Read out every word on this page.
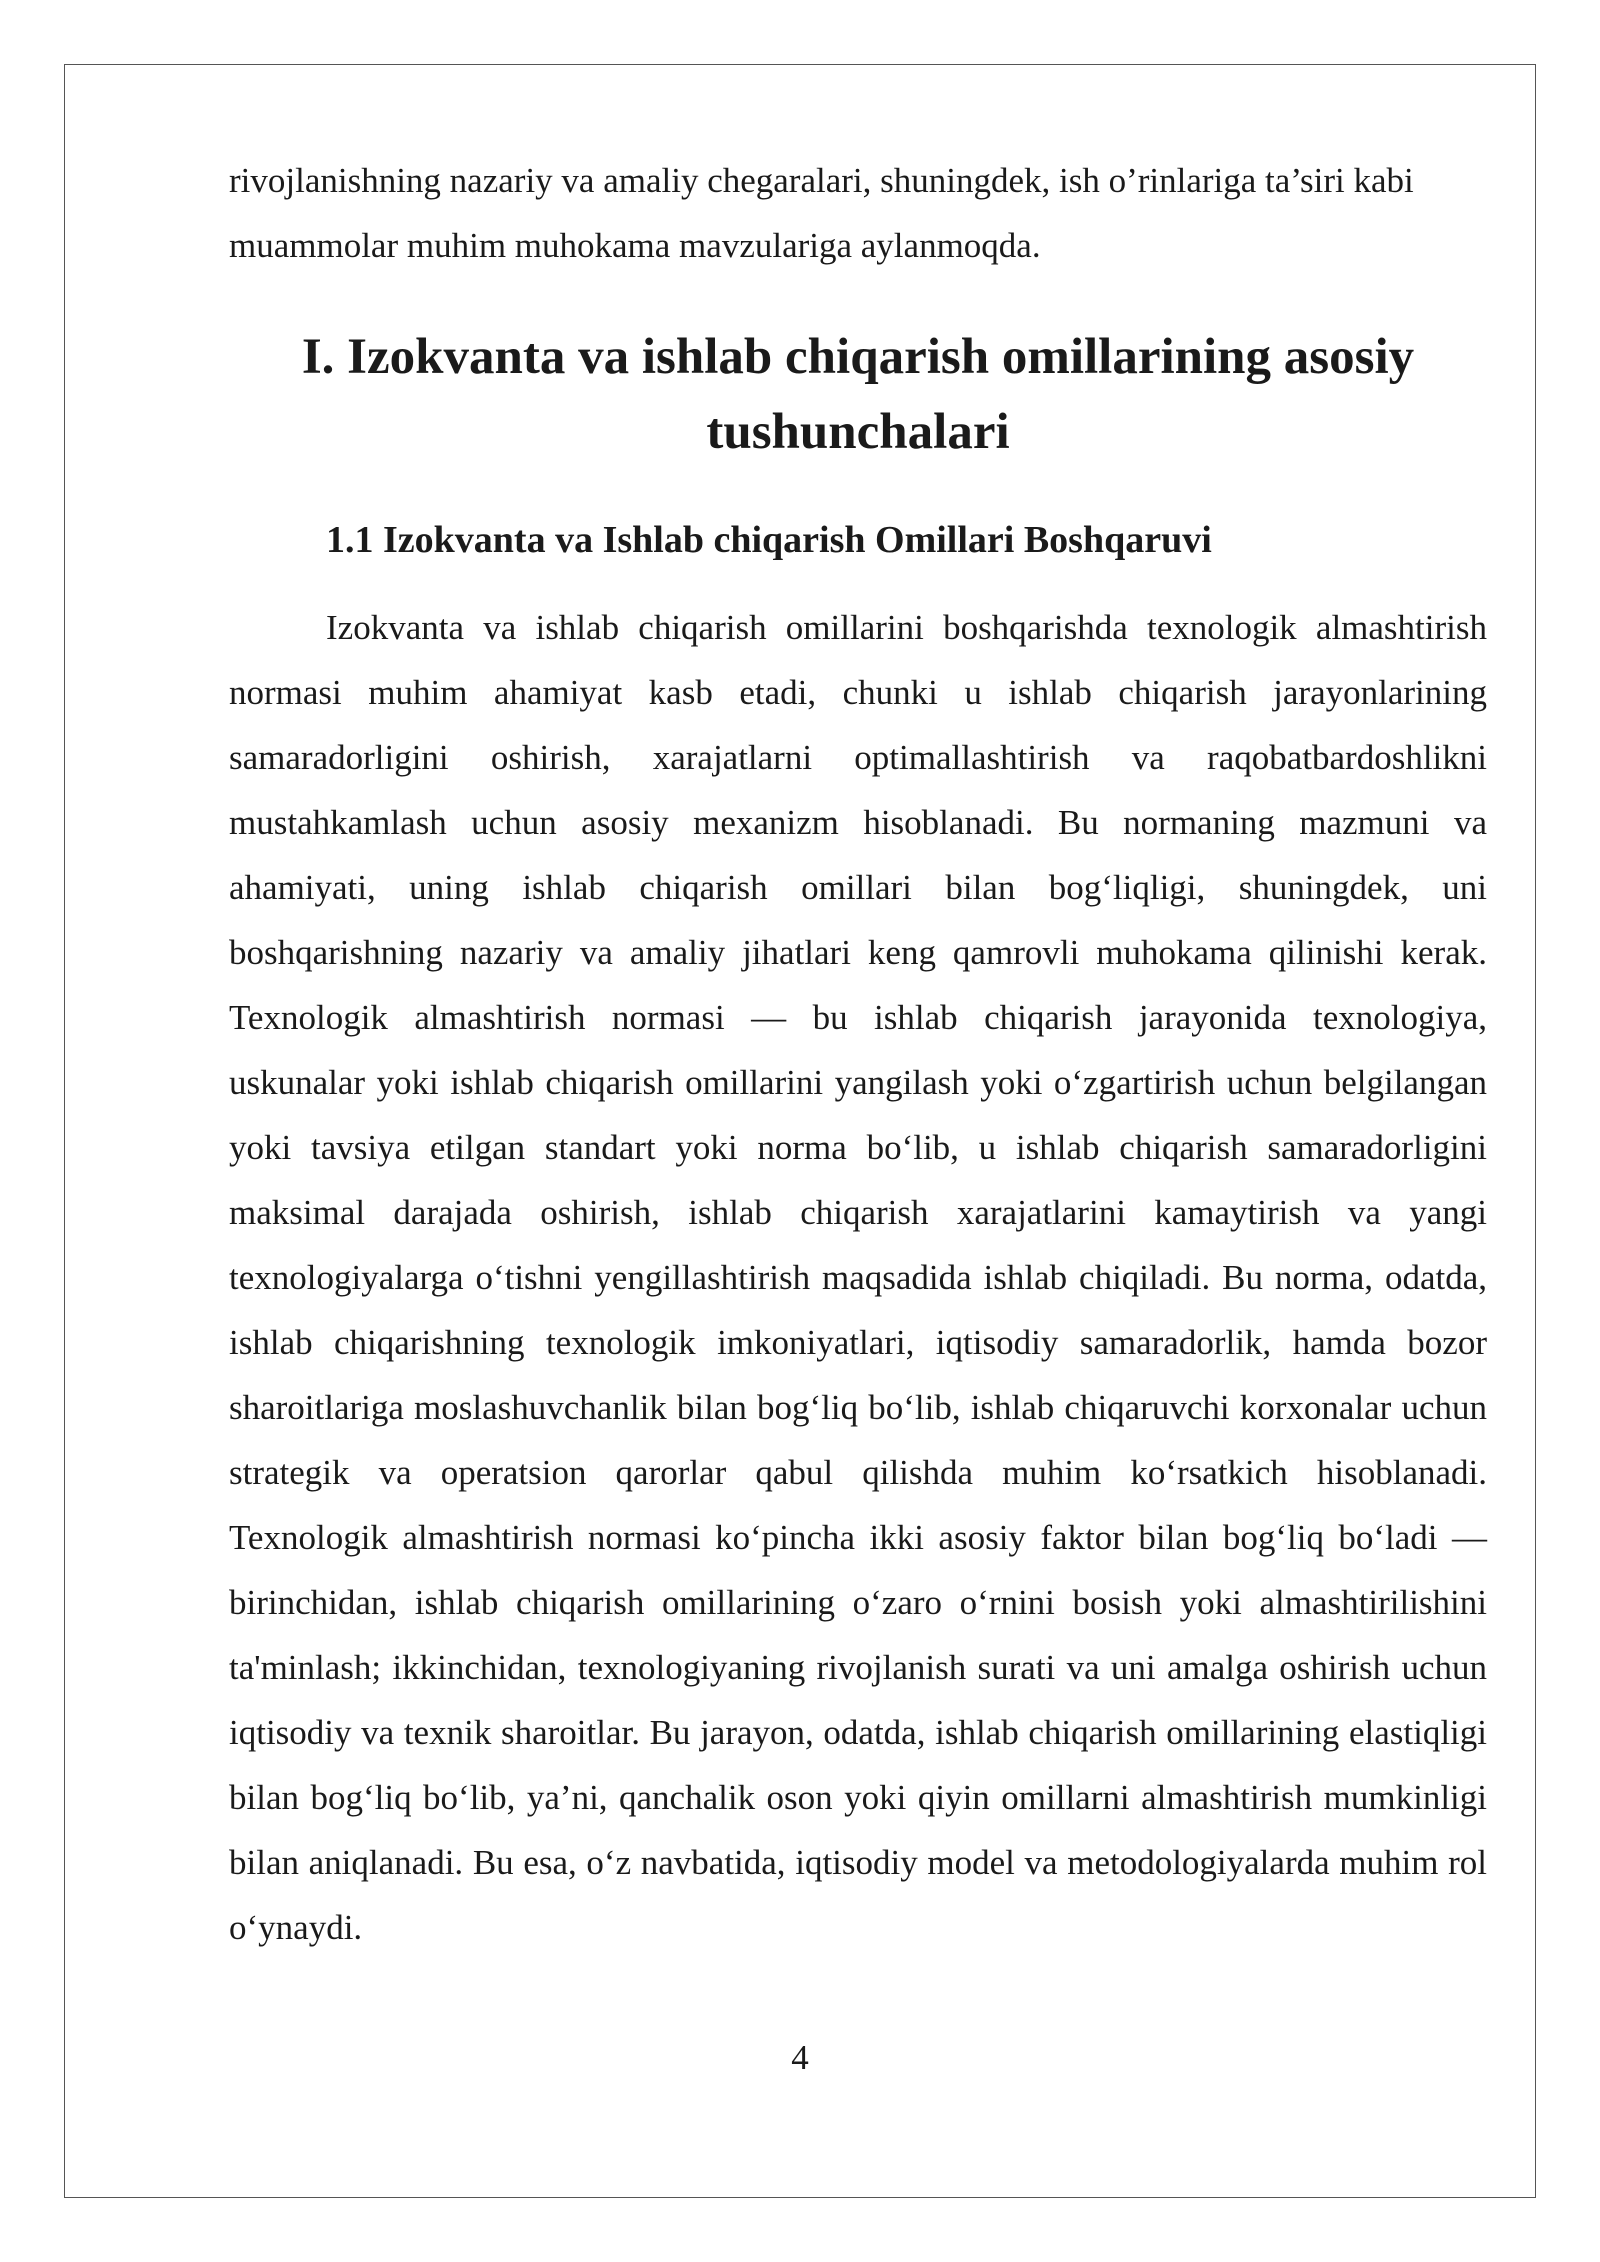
rivojlanishning nazariy va amaliy chegaralari, shuningdek, ish o’rinlariga ta’siri kabi muammolar muhim muhokama mavzulariga aylanmoqda.

I. Izokvanta va ishlab chiqarish omillarining asosiy tushunchalari
1.1 Izokvanta va Ishlab chiqarish Omillari Boshqaruvi

Izokvanta va ishlab chiqarish omillarini boshqarishda texnologik almashtirish normasi muhim ahamiyat kasb etadi, chunki u ishlab chiqarish jarayonlarining samaradorligini oshirish, xarajatlarni optimallashtirish va raqobatbardoshlikni mustahkamlash uchun asosiy mexanizm hisoblanadi. Bu normaning mazmuni va ahamiyati, uning ishlab chiqarish omillari bilan bog‘liqligi, shuningdek, uni boshqarishning nazariy va amaliy jihatlari keng qamrovli muhokama qilinishi kerak. Texnologik almashtirish normasi — bu ishlab chiqarish jarayonida texnologiya, uskunalar yoki ishlab chiqarish omillarini yangilash yoki o‘zgartirish uchun belgilangan yoki tavsiya etilgan standart yoki norma bo‘lib, u ishlab chiqarish samaradorligini maksimal darajada oshirish, ishlab chiqarish xarajatlarini kamaytirish va yangi texnologiyalarga o‘tishni yengillashtirish maqsadida ishlab chiqiladi. Bu norma, odatda, ishlab chiqarishning texnologik imkoniyatlari, iqtisodiy samaradorlik, hamda bozor sharoitlariga moslashuvchanlik bilan bog‘liq bo‘lib, ishlab chiqaruvchi korxonalar uchun strategik va operatsion qarorlar qabul qilishda muhim ko‘rsatkich hisoblanadi. Texnologik almashtirish normasi ko‘pincha ikki asosiy faktor bilan bog‘liq bo‘ladi — birinchidan, ishlab chiqarish omillarining o‘zaro o‘rnini bosish yoki almashtirilishini ta'minlash; ikkinchidan, texnologiyaning rivojlanish surati va uni amalga oshirish uchun iqtisodiy va texnik sharoitlar. Bu jarayon, odatda, ishlab chiqarish omillarining elastiqligi bilan bog‘liq bo‘lib, ya’ni, qanchalik oson yoki qiyin omillarni almashtirish mumkinligi bilan aniqlanadi. Bu esa, o‘z navbatida, iqtisodiy model va metodologiyalarda muhim rol o‘ynaydi.

4
